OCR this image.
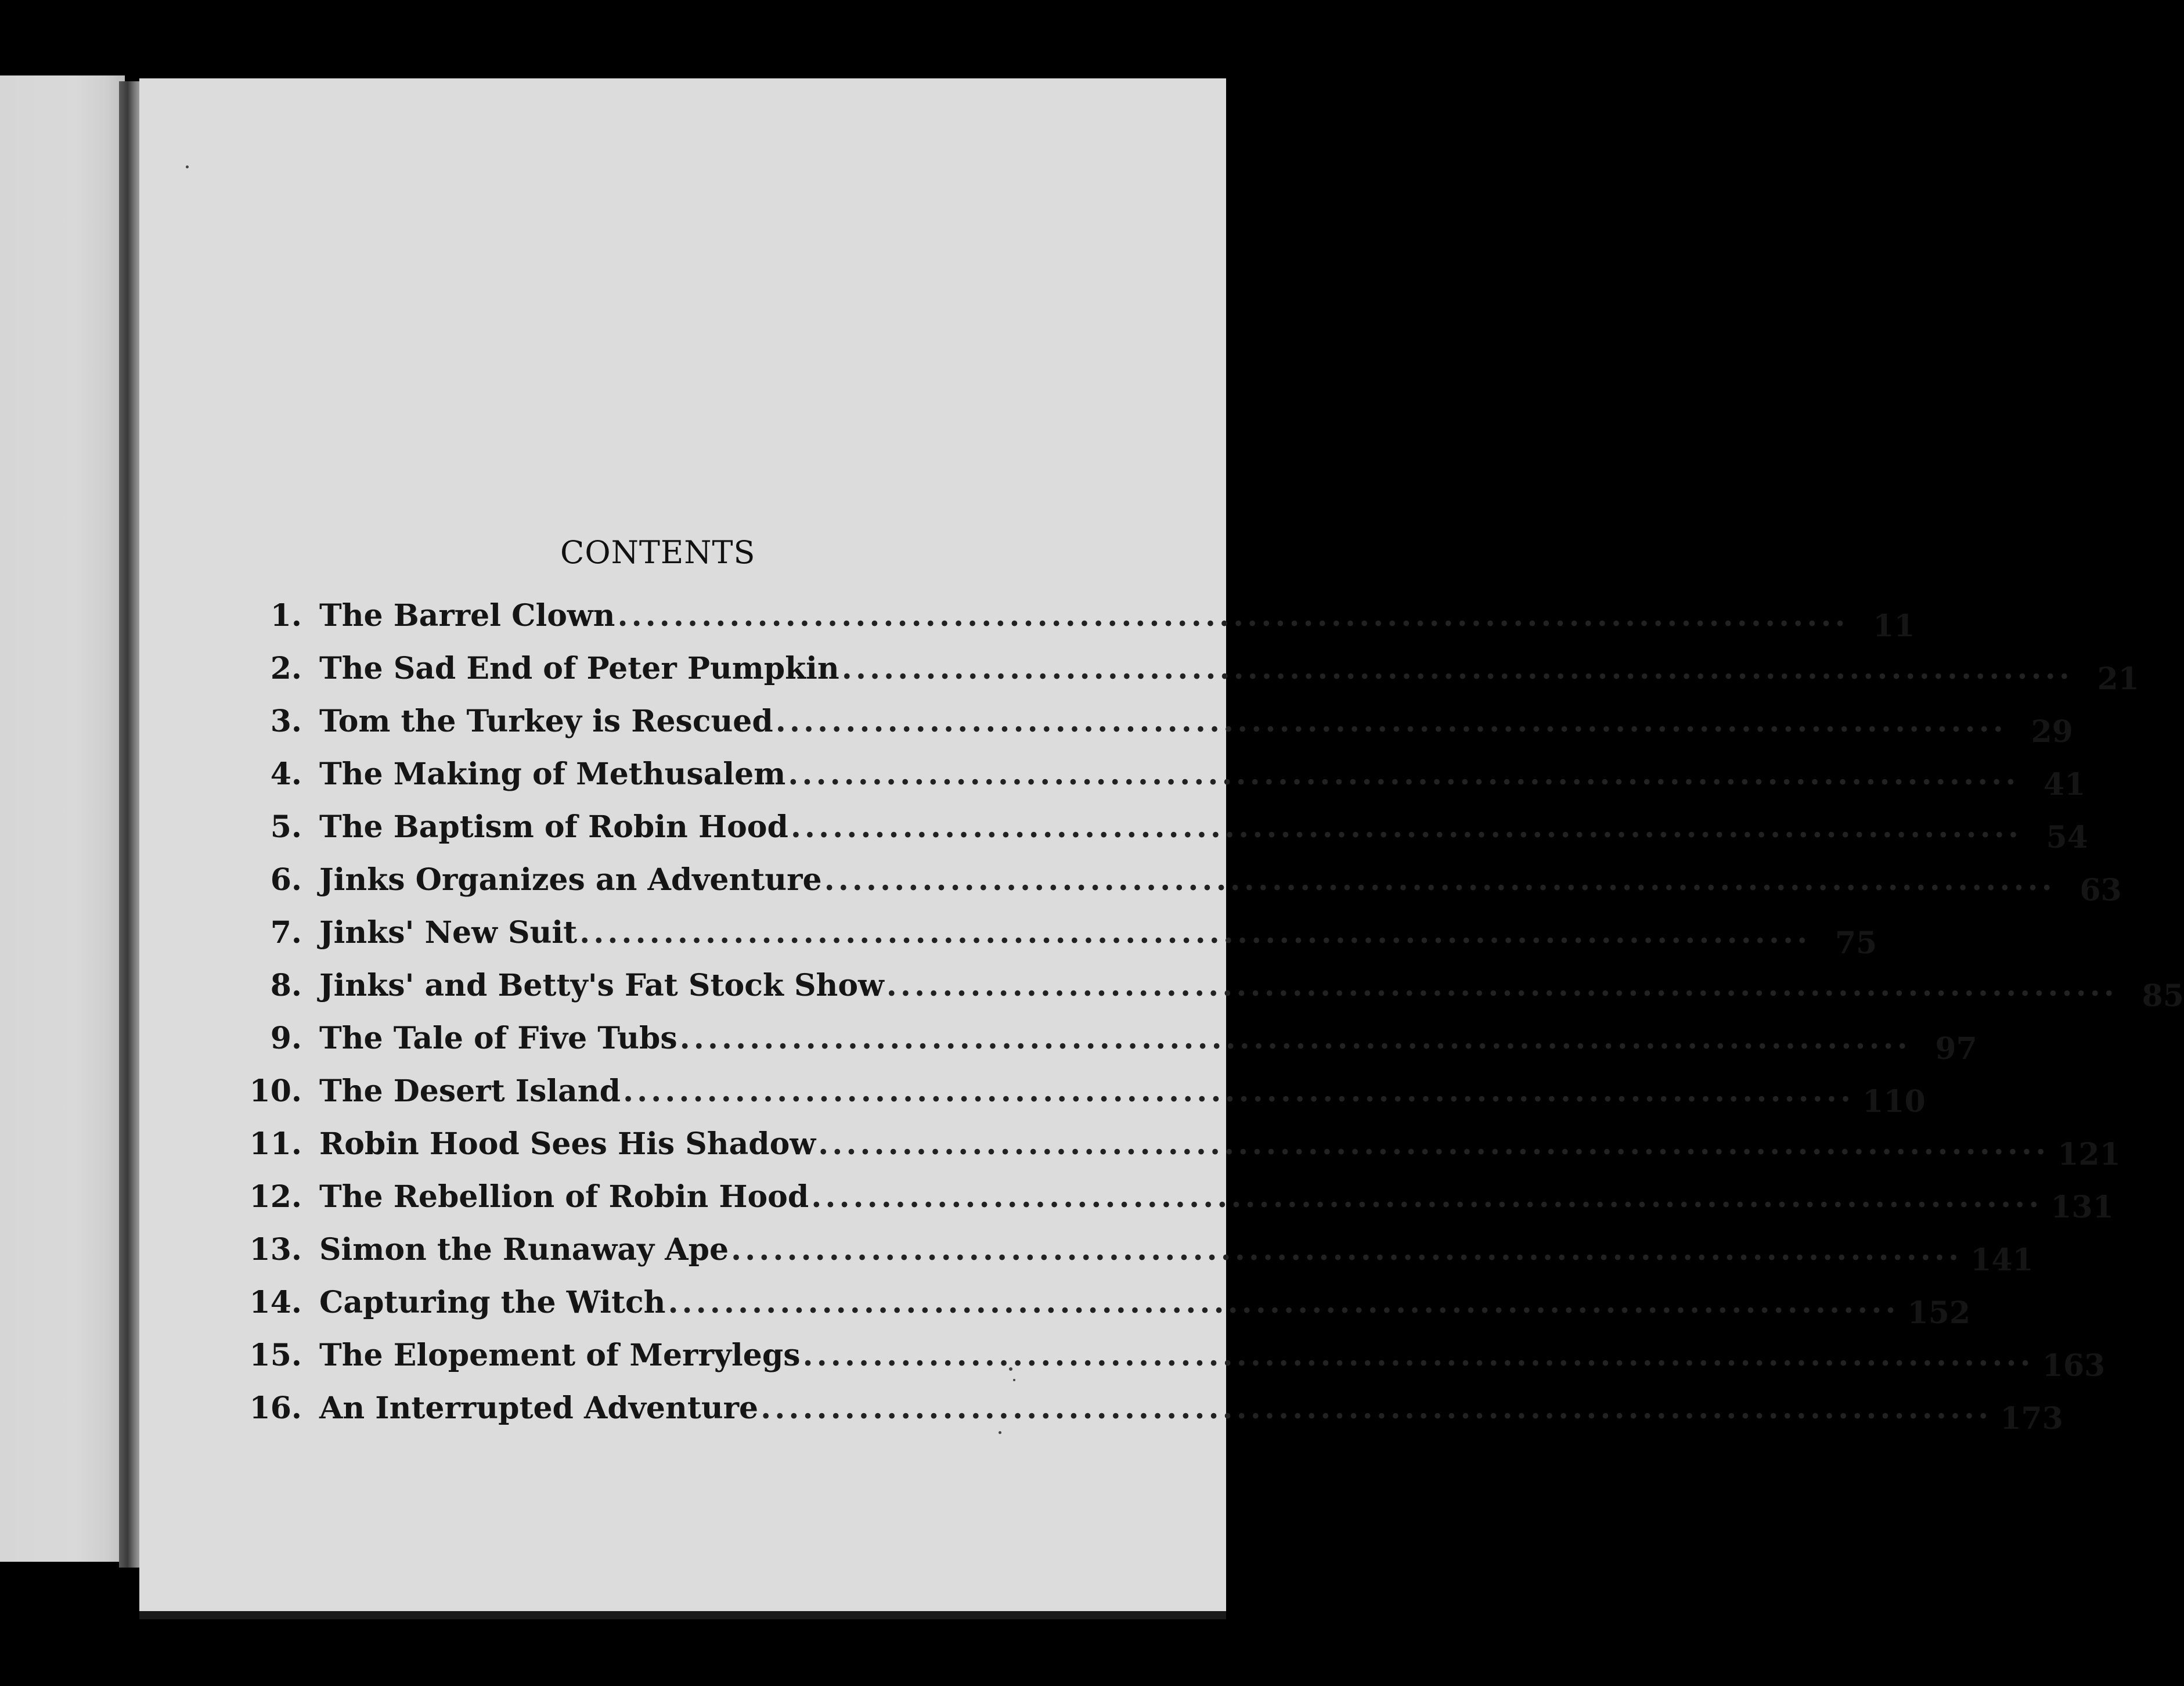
CONTENTS
1. The Barrel Clown ........................................................................................ 11
2. The Sad End of Peter Pumpkin ........................................................................................ 21
3. Tom the Turkey is Rescued ........................................................................................ 29
4. The Making of Methusalem ........................................................................................ 41
5. The Baptism of Robin Hood ........................................................................................ 54
6. Jinks Organizes an Adventure ........................................................................................ 63
7. Jinks' New Suit ........................................................................................ 75
8. Jinks' and Betty's Fat Stock Show ........................................................................................ 85
9. The Tale of Five Tubs ........................................................................................ 97
10. The Desert Island ........................................................................................ 110
11. Robin Hood Sees His Shadow ........................................................................................ 121
12. The Rebellion of Robin Hood ........................................................................................ 131
13. Simon the Runaway Ape ........................................................................................ 141
14. Capturing the Witch ........................................................................................ 152
15. The Elopement of Merrylegs ........................................................................................ 163
16. An Interrupted Adventure ........................................................................................ 173
